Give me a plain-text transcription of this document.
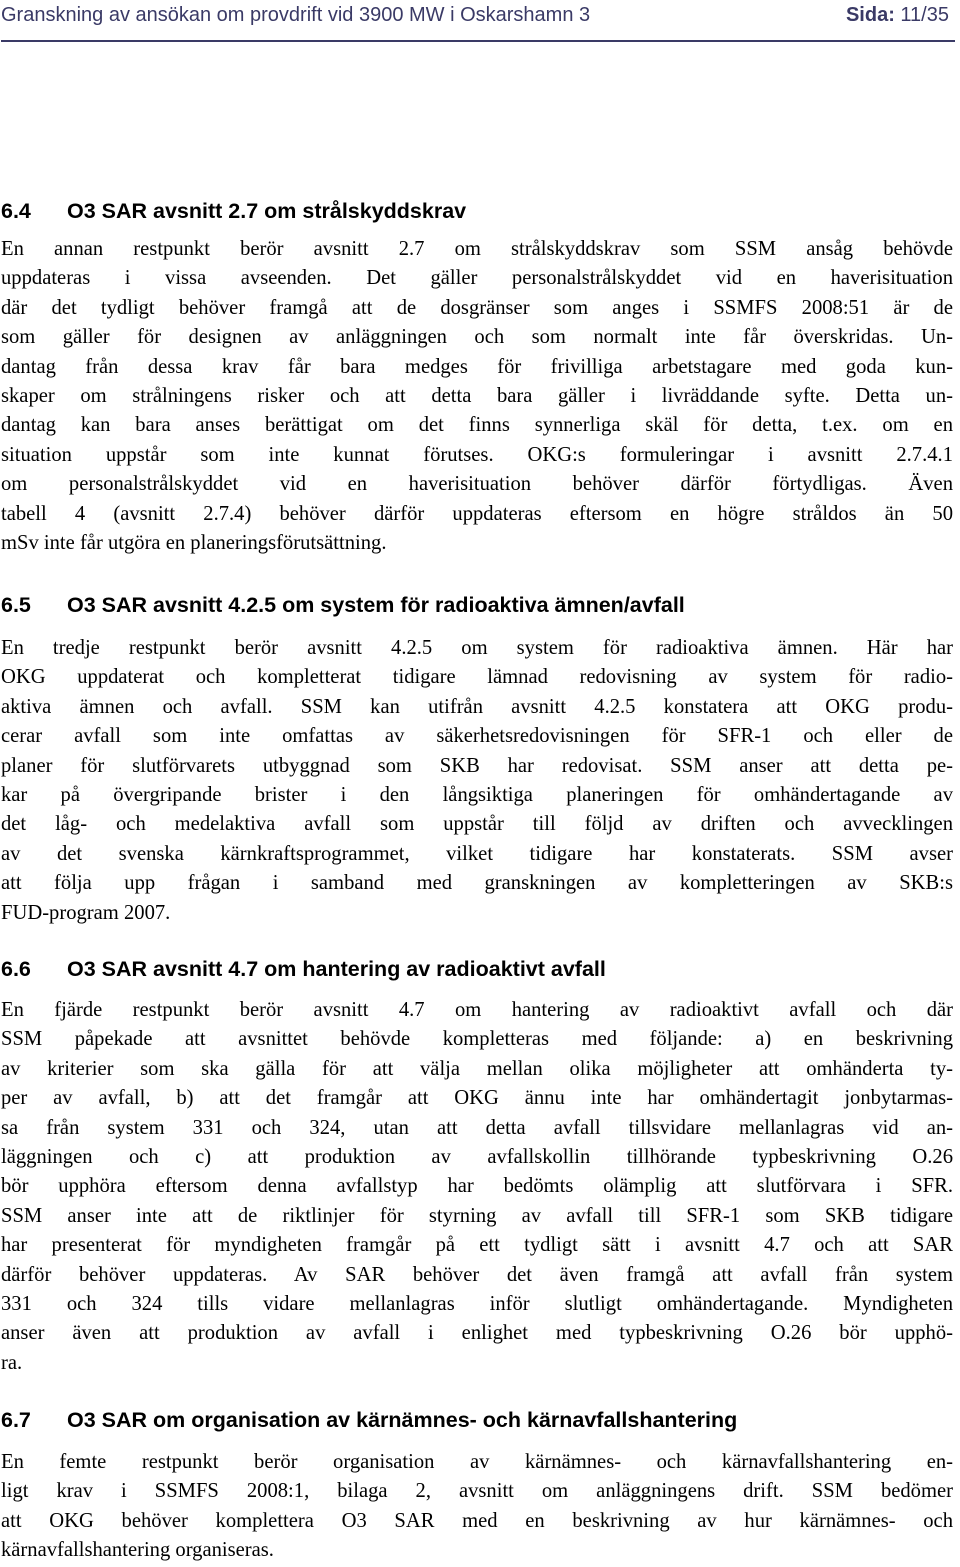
Granskning av ansökan om provdrift vid 3900 MW i Oskarshamn 3	Sida: 11/35
6.4 O3 SAR avsnitt 2.7 om strålskyddskrav
En annan restpunkt berör avsnitt 2.7 om strålskyddskrav som SSM ansåg behövde
uppdateras i vissa avseenden. Det gäller personalstrålskyddet vid en haverisituation
där det tydligt behöver framgå att de dosgränser som anges i SSMFS 2008:51 är de
som gäller för designen av anläggningen och som normalt inte får överskridas. Un-
dantag från dessa krav får bara medges för frivilliga arbetstagare med goda kun-
skaper om strålningens risker och att detta bara gäller i livräddande syfte. Detta un-
dantag kan bara anses berättigat om det finns synnerliga skäl för detta, t.ex. om en
situation uppstår som inte kunnat förutses. OKG:s formuleringar i avsnitt 2.7.4.1
om personalstrålskyddet vid en haverisituation behöver därför förtydligas. Även
tabell 4 (avsnitt 2.7.4) behöver därför uppdateras eftersom en högre stråldos än 50
mSv inte får utgöra en planeringsförutsättning.
6.5 O3 SAR avsnitt 4.2.5 om system för radioaktiva ämnen/avfall
En tredje restpunkt berör avsnitt 4.2.5 om system för radioaktiva ämnen. Här har
OKG uppdaterat och kompletterat tidigare lämnad redovisning av system för radio-
aktiva ämnen och avfall. SSM kan utifrån avsnitt 4.2.5 konstatera att OKG produ-
cerar avfall som inte omfattas av säkerhetsredovisningen för SFR-1 och eller de
planer för slutförvarets utbyggnad som SKB har redovisat. SSM anser att detta pe-
kar på övergripande brister i den långsiktiga planeringen för omhändertagande av
det låg- och medelaktiva avfall som uppstår till följd av driften och avvecklingen
av det svenska kärnkraftsprogrammet, vilket tidigare har konstaterats. SSM avser
att följa upp frågan i samband med granskningen av kompletteringen av SKB:s
FUD-program 2007.
6.6 O3 SAR avsnitt 4.7 om hantering av radioaktivt avfall
En fjärde restpunkt berör avsnitt 4.7 om hantering av radioaktivt avfall och där
SSM påpekade att avsnittet behövde kompletteras med följande: a) en beskrivning
av kriterier som ska gälla för att välja mellan olika möjligheter att omhänderta ty-
per av avfall, b) att det framgår att OKG ännu inte har omhändertagit jonbytarmas-
sa från system 331 och 324, utan att detta avfall tillsvidare mellanlagras vid an-
läggningen och c) att produktion av avfallskollin tillhörande typbeskrivning O.26
bör upphöra eftersom denna avfallstyp har bedömts olämplig att slutförvara i SFR.
SSM anser inte att de riktlinjer för styrning av avfall till SFR-1 som SKB tidigare
har presenterat för myndigheten framgår på ett tydligt sätt i avsnitt 4.7 och att SAR
därför behöver uppdateras. Av SAR behöver det även framgå att avfall från system
331 och 324 tills vidare mellanlagras inför slutligt omhändertagande. Myndigheten
anser även att produktion av avfall i enlighet med typbeskrivning O.26 bör upphö-
ra.
6.7 O3 SAR om organisation av kärnämnes- och kärnavfallshantering
En femte restpunkt berör organisation av kärnämnes- och kärnavfallshantering en-
ligt krav i SSMFS 2008:1, bilaga 2, avsnitt om anläggningens drift. SSM bedömer
att OKG behöver komplettera O3 SAR med en beskrivning av hur kärnämnes- och
kärnavfallshantering organiseras.
